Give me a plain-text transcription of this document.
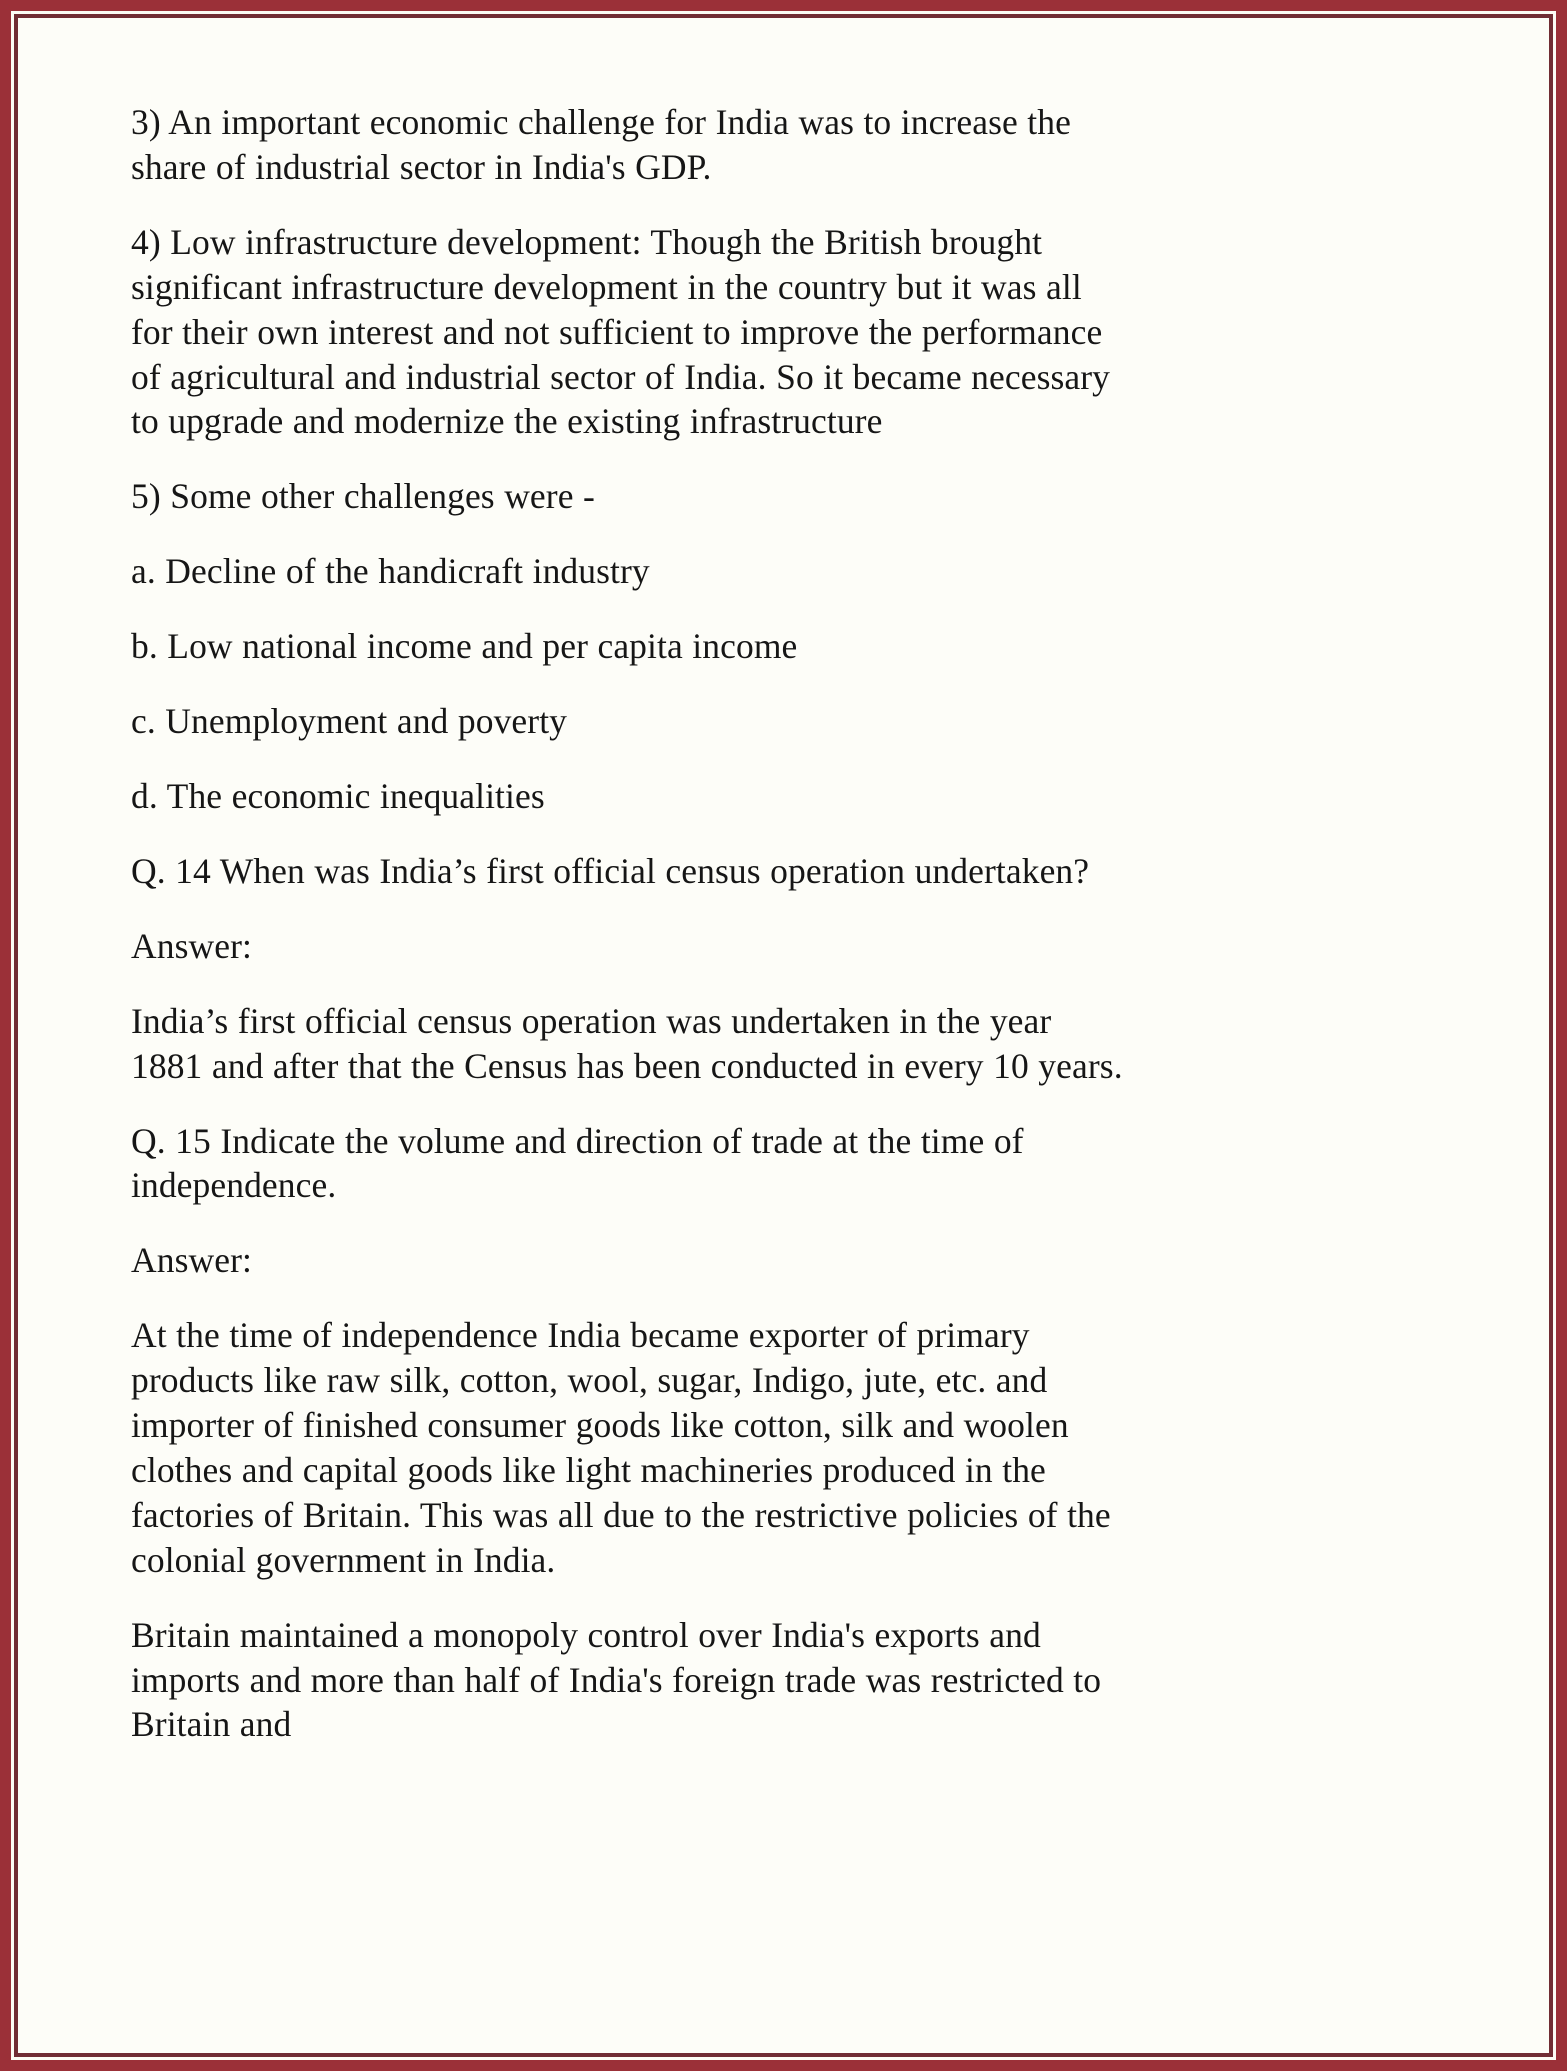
3) An important economic challenge for India was to increase the share of industrial sector in India's GDP.

4) Low infrastructure development: Though the British brought significant infrastructure development in the country but it was all for their own interest and not sufficient to improve the performance of agricultural and industrial sector of India. So it became necessary to upgrade and modernize the existing infrastructure

5) Some other challenges were -

a. Decline of the handicraft industry

b. Low national income and per capita income

c. Unemployment and poverty

d. The economic inequalities

Q. 14 When was India’s first official census operation undertaken?

Answer:

India’s first official census operation was undertaken in the year 1881 and after that the Census has been conducted in every 10 years.

Q. 15 Indicate the volume and direction of trade at the time of independence.

Answer:

At the time of independence India became exporter of primary products like raw silk, cotton, wool, sugar, Indigo, jute, etc. and importer of finished consumer goods like cotton, silk and woolen clothes and capital goods like light machineries produced in the factories of Britain. This was all due to the restrictive policies of the colonial government in India.

Britain maintained a monopoly control over India's exports and imports and more than half of India's foreign trade was restricted to Britain and
